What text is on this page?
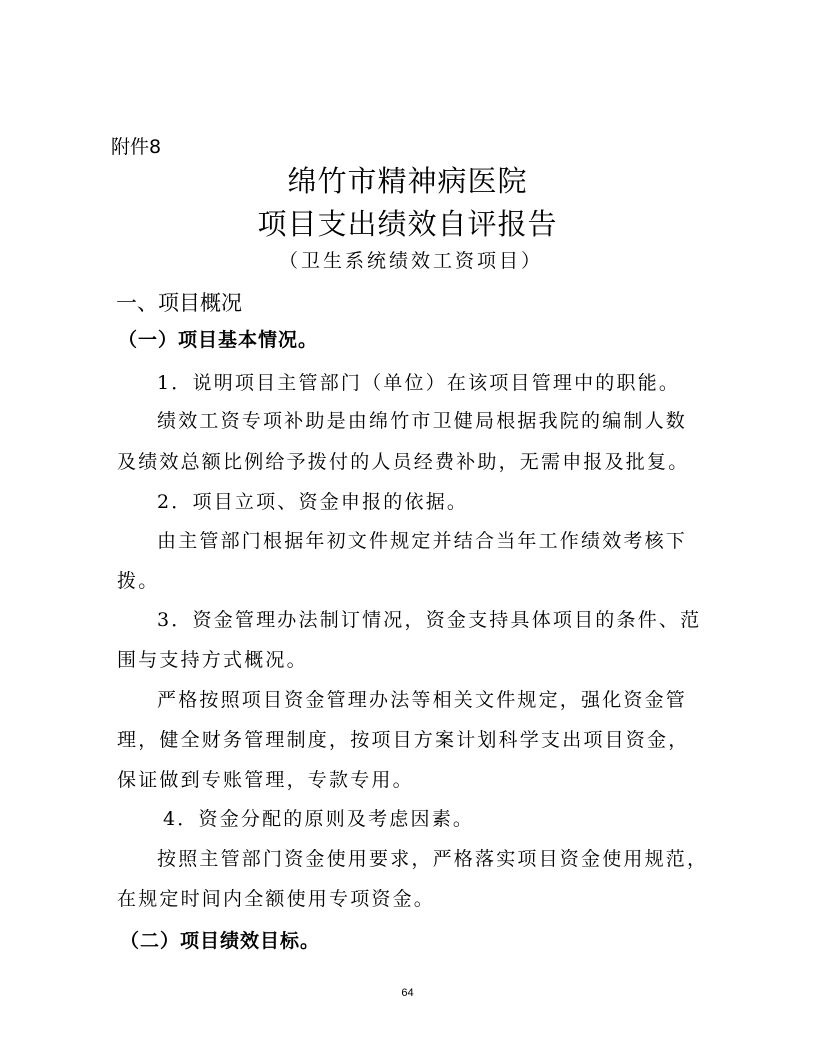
附件8
绵竹市精神病医院
项目支出绩效自评报告
（卫生系统绩效工资项目）
一、项目概况
（一）项目基本情况。
1．说明项目主管部门（单位）在该项目管理中的职能。
绩效工资专项补助是由绵竹市卫健局根据我院的编制人数
及绩效总额比例给予拨付的人员经费补助，无需申报及批复。
2．项目立项、资金申报的依据。
由主管部门根据年初文件规定并结合当年工作绩效考核下
拨。
3．资金管理办法制订情况，资金支持具体项目的条件、范
围与支持方式概况。
严格按照项目资金管理办法等相关文件规定，强化资金管
理，健全财务管理制度，按项目方案计划科学支出项目资金，
保证做到专账管理，专款专用。
4．资金分配的原则及考虑因素。
按照主管部门资金使用要求，严格落实项目资金使用规范，
在规定时间内全额使用专项资金。
（二）项目绩效目标。
64
